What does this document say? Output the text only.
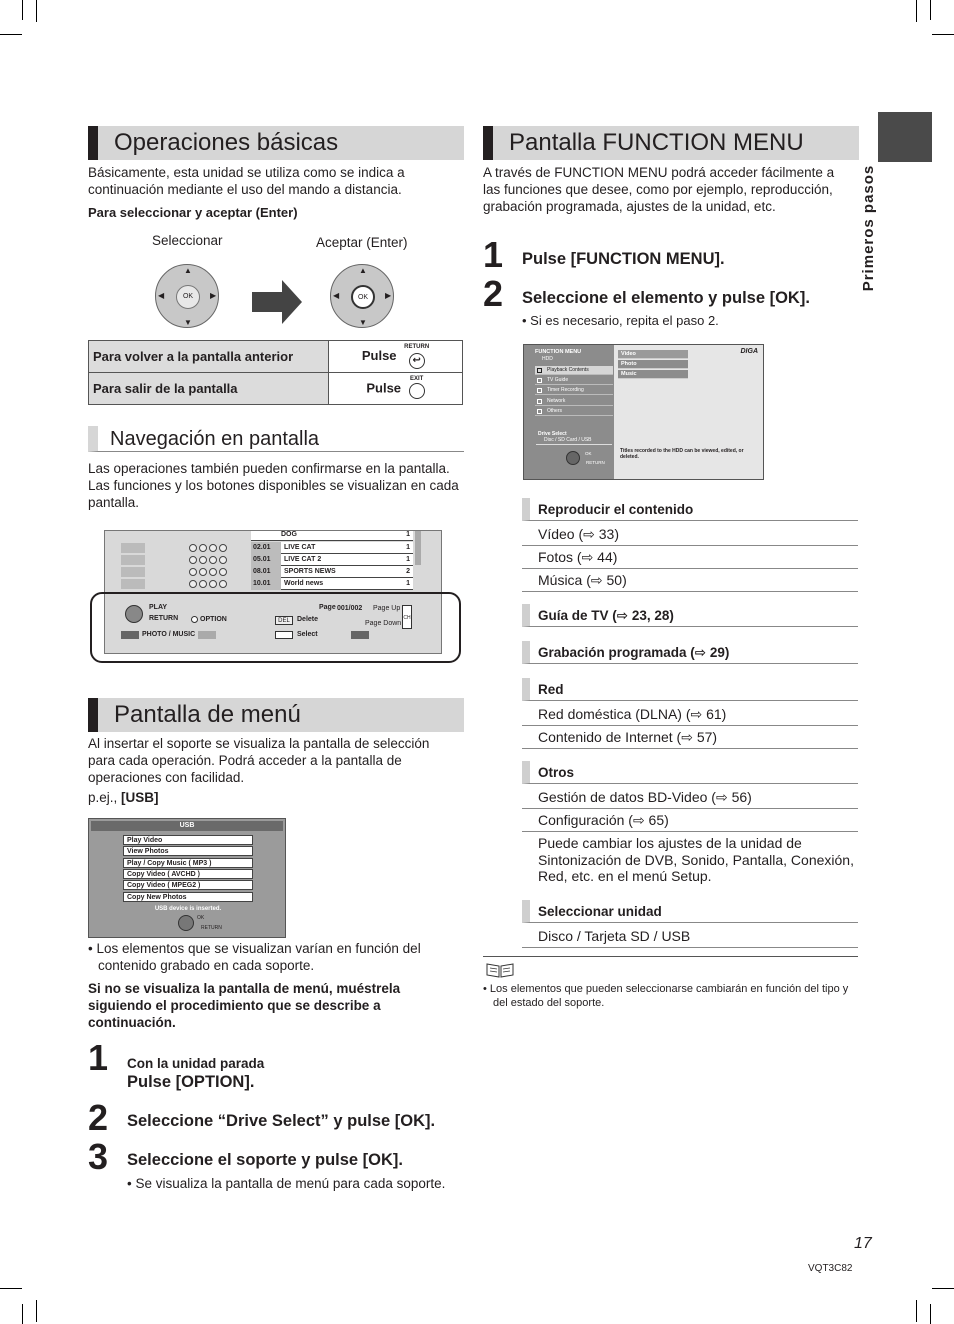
Primeros pasos
Operaciones básicas
Básicamente, esta unidad se utiliza como se indica a continuación mediante el uso del mando a distancia.
Para seleccionar y aceptar (Enter)
Seleccionar	Aceptar (Enter)
OK
▲
▼
◀	▶	OK
▲
▼
◀	▶
Para volver a la pantalla anterior	Pulse
RETURN
↩
Para salir de la pantalla	Pulse
EXIT
Navegación en pantalla
Las operaciones también pueden confirmarse en la pantalla. Las funciones y los botones disponibles se visualizan en cada pantalla.
DOG	1
02.01	LIVE CAT	1
05.01	LIVE CAT 2	1
08.01	SPORTS NEWS	2
10.01	World news	1
PLAY
RETURN	OPTION
Page 001/002 Page Up
Page Down
CH
DEL	Delete
PHOTO / MUSIC	Select
Pantalla de menú
Al insertar el soporte se visualiza la pantalla de selección para cada operación. Podrá acceder a la pantalla de operaciones con facilidad.
p.ej., [USB]
USB
Play Video
View Photos
Play / Copy Music ( MP3 )
Copy Video ( AVCHD )
Copy Video ( MPEG2 )
Copy New Photos
USB device is inserted.
OK
RETURN
• Los elementos que se visualizan varían en función del contenido grabado en cada soporte.
Si no se visualiza la pantalla de menú, muéstrela siguiendo el procedimiento que se describe a continuación.
1 Con la unidad parada
Pulse [OPTION].
2 Seleccione “Drive Select” y pulse [OK].
3 Seleccione el soporte y pulse [OK].
• Se visualiza la pantalla de menú para cada soporte.
Pantalla FUNCTION MENU
A través de FUNCTION MENU podrá acceder fácilmente a las funciones que desee, como por ejemplo, reproducción, grabación programada, ajustes de la unidad, etc.
1 Pulse [FUNCTION MENU].
2 Seleccione el elemento y pulse [OK].
• Si es necesario, repita el paso 2.
FUNCTION MENU
HDD
Playback Contents
TV Guide
Timer Recording
Network
Others
Drive Select
Disc / SD Card / USB
OK
RETURN
Video
Photo
Music
DIGA
Titles recorded to the HDD can be viewed, edited, or deleted.
Reproducir el contenido
Vídeo (⇨ 33)
Fotos (⇨ 44)
Música (⇨ 50)
Guía de TV (⇨ 23, 28)
Grabación programada (⇨ 29)
Red
Red doméstica (DLNA) (⇨ 61)
Contenido de Internet (⇨ 57)
Otros
Gestión de datos BD-Video (⇨ 56)
Configuración (⇨ 65)
Puede cambiar los ajustes de la unidad de Sintonización de DVB, Sonido, Pantalla, Conexión, Red, etc. en el menú Setup.
Seleccionar unidad
Disco / Tarjeta SD / USB
• Los elementos que pueden seleccionarse cambiarán en función del tipo y del estado del soporte.
17
VQT3C82
